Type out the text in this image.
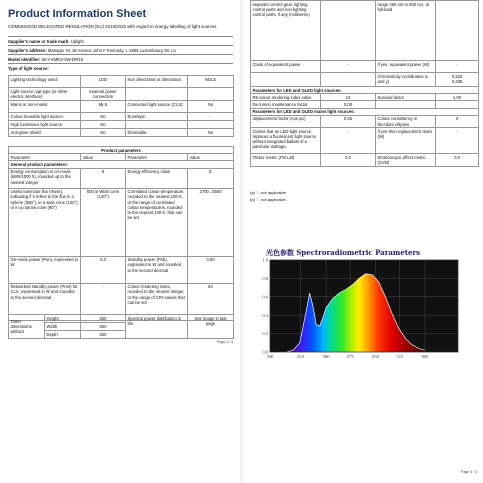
Product Information Sheet
COMMISSION DELEGATED REGULATION (EU) 2019/2015 with regard to energy labelling of light sources
Supplier's name or trade mark: Uplight
Supplier's address: Manager Hr, 38 Avenue John F Kennedy, L-1855 Luxembourg 38, LU
Model identifier: SKY-SMDS-5W-MR16
Type of light source:
Lighting technology used:	LED	Non directional or directional:	NDLS
Light source cap-type (or other electric interface)	external power connection		
Mains or non-mains:	MLS	Connected light source (CLS):	No
Colour tuneable light source:	No	Envelope:	-
High luminance light source:	No		
Anti-glare shield:	No	Dimmable:	No
Product parameters			
Parameter	Value	Parameter	Value
General product parameters:			
Energy consumption in on-mode (kWh/1000 h), rounded up to the nearest integer	5	Energy efficiency class	E
Useful luminous flux (Φuse), indicating if it refers to the flux in a sphere (360°), in a wide cone (120°) or in a narrow cone (90°)	500 in Wide cone (120°)	Correlated colour temperature, rounded to the nearest 100 K, or the range of correlated colour temperatures, rounded to the nearest 100 K, that can be set	2700...6500
On-mode power (Pon), expressed in W	5,0	Standby power (Psb), expressed in W and rounded to the second decimal	0,00
Networked standby power (Pnet) for CLS, expressed in W and rounded to the second decimal	-	Colour rendering index, rounded to the nearest integer, or the range of CRI-values that can be set	84
Outer dimensions without	Height	500	Spectral power distribution in the	See image in last page
	Width	500		
	Depth	500		
Page 1 / 3
separate control gear, lighting control parts and non-lighting control parts, if any (millimetre)		range 250 nm to 800 nm, at full-load	
Claim of equivalent power	-	If yes, equivalent power (W)	-
		Chromaticity coordinates (x and y)	0,323
0,338
Parameters for LED and OLED light sources:			
R9 colour rendering index value	10	Survival factor	1,00
the lumen maintenance factor	0,00		
Parameters for LED and OLED mains light sources:			
displacement factor (cos φ1)	0,55	Colour consistency in McAdam ellipses	0
Claims that an LED light source replaces a fluorescent light source without integrated ballast of a particular wattage.	-	If yes then replacement claim (W)	-
Flicker metric (Pst LM)	0,0	Stroboscopic effect metric (SVM)	0,0
(a) '-': not applicable;
(b) '-': not applicable.
光色参数 Spectroradiometric Parameters
0.0
0.2
0.4
0.6
0.8
1.0
330	423	500	573	650	723	800
Page 3 / 3
